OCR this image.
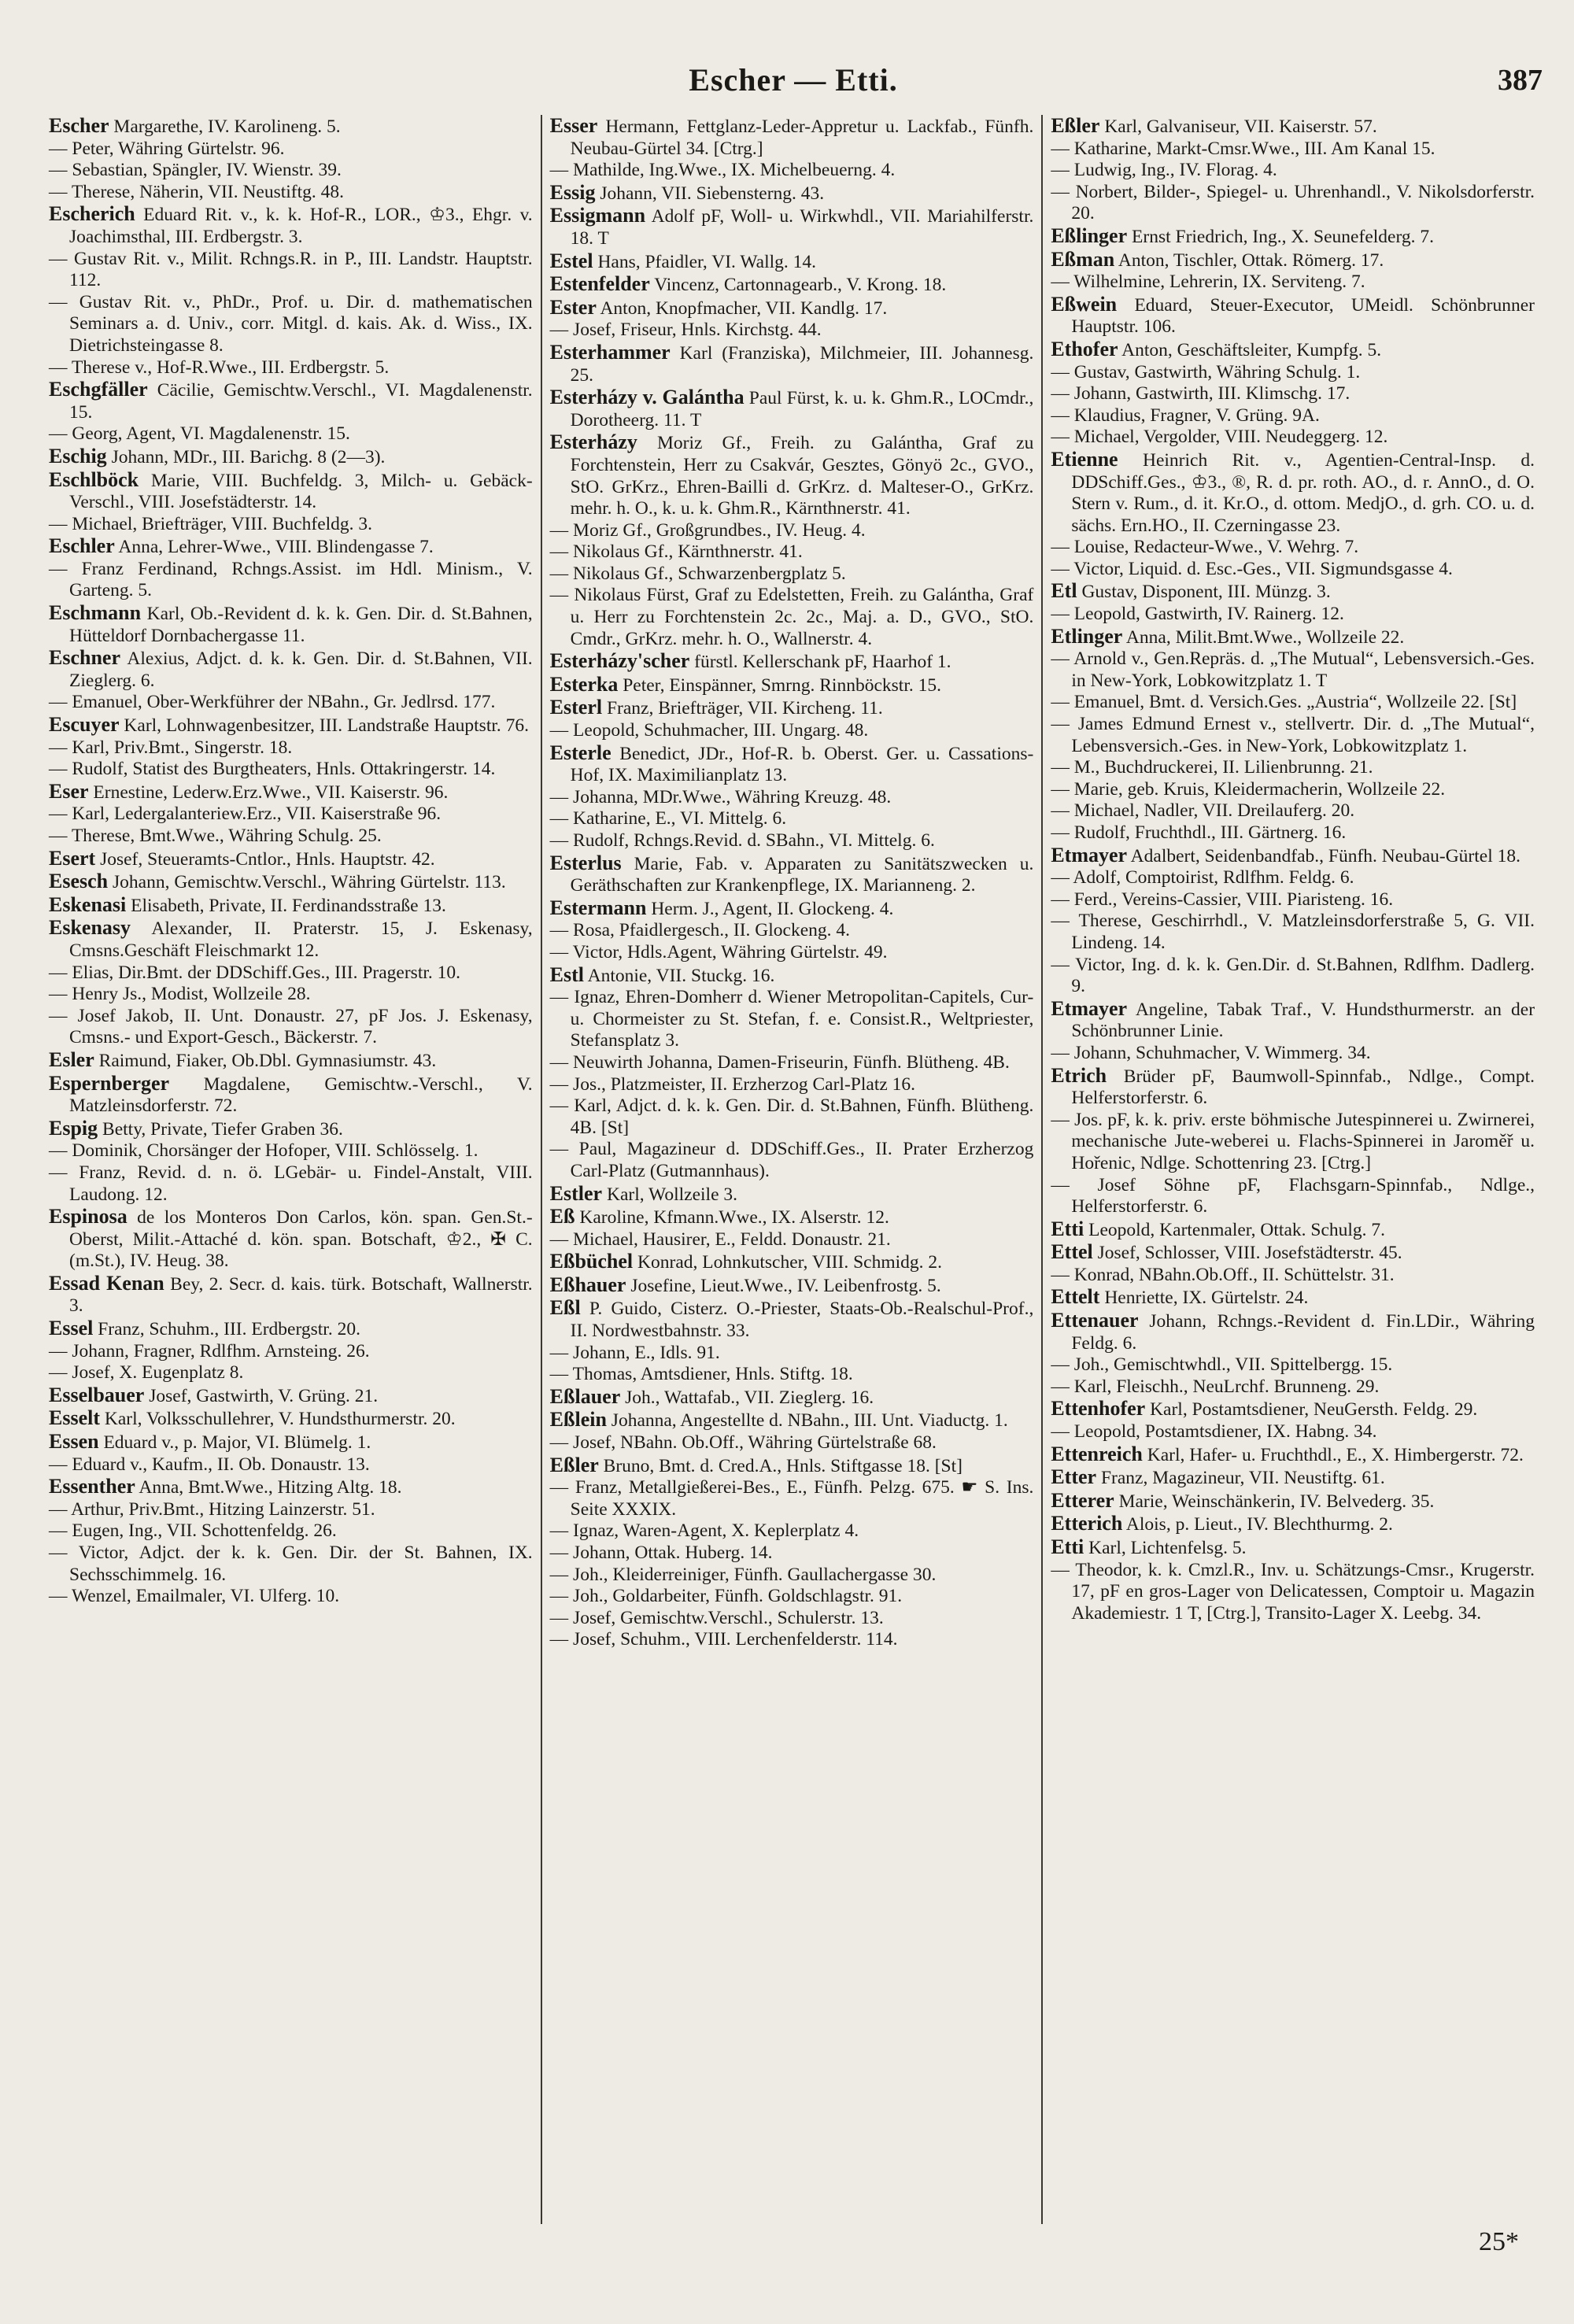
Escher — Etti.	387
Escher Margarethe, IV. Karolineng. 5.
— Peter, Währing Gürtelstr. 96.
— Sebastian, Spängler, IV. Wienstr. 39.
— Therese, Näherin, VII. Neustiftg. 48.
Escherich Eduard Rit. v., k. k. Hof-R., LOR., ♔3., Ehgr. v. Joachimsthal, III. Erdbergstr. 3.
— Gustav Rit. v., Milit. Rchngs.R. in P., III. Landstr. Hauptstr. 112.
— Gustav Rit. v., PhDr., Prof. u. Dir. d. mathematischen Seminars a. d. Univ., corr. Mitgl. d. kais. Ak. d. Wiss., IX. Dietrichsteingasse 8.
— Therese v., Hof-R.Wwe., III. Erdbergstr. 5.
Eschgfäller Cäcilie, Gemischtw.Verschl., VI. Magdalenenstr. 15.
— Georg, Agent, VI. Magdalenenstr. 15.
Eschig Johann, MDr., III. Barichg. 8 (2—3).
Eschlböck Marie, VIII. Buchfeldg. 3, Milch- u. Gebäck-Verschl., VIII. Josefstädterstr. 14.
— Michael, Briefträger, VIII. Buchfeldg. 3.
Eschler Anna, Lehrer-Wwe., VIII. Blindengasse 7.
— Franz Ferdinand, Rchngs.Assist. im Hdl. Minism., V. Garteng. 5.
Eschmann Karl, Ob.-Revident d. k. k. Gen. Dir. d. St.Bahnen, Hütteldorf Dornbachergasse 11.
Eschner Alexius, Adjct. d. k. k. Gen. Dir. d. St.Bahnen, VII. Zieglerg. 6.
— Emanuel, Ober-Werkführer der NBahn., Gr. Jedlrsd. 177.
Escuyer Karl, Lohnwagenbesitzer, III. Landstraße Hauptstr. 76.
— Karl, Priv.Bmt., Singerstr. 18.
— Rudolf, Statist des Burgtheaters, Hnls. Ottakringerstr. 14.
Eser Ernestine, Lederw.Erz.Wwe., VII. Kaiserstr. 96.
— Karl, Ledergalanteriew.Erz., VII. Kaiserstraße 96.
— Therese, Bmt.Wwe., Währing Schulg. 25.
Esert Josef, Steueramts-Cntlor., Hnls. Hauptstr. 42.
Esesch Johann, Gemischtw.Verschl., Währing Gürtelstr. 113.
Eskenasi Elisabeth, Private, II. Ferdinandsstraße 13.
Eskenasy Alexander, II. Praterstr. 15, J. Eskenasy, Cmsns.Geschäft Fleischmarkt 12.
— Elias, Dir.Bmt. der DDSchiff.Ges., III. Pragerstr. 10.
— Henry Js., Modist, Wollzeile 28.
— Josef Jakob, II. Unt. Donaustr. 27, pF Jos. J. Eskenasy, Cmsns.- und Export-Gesch., Bäckerstr. 7.
Esler Raimund, Fiaker, Ob.Dbl. Gymnasiumstr. 43.
Espernberger Magdalene, Gemischtw.-Verschl., V. Matzleinsdorferstr. 72.
Espig Betty, Private, Tiefer Graben 36.
— Dominik, Chorsänger der Hofoper, VIII. Schlösselg. 1.
— Franz, Revid. d. n. ö. LGebär- u. Findel-Anstalt, VIII. Laudong. 12.
Espinosa de los Monteros Don Carlos, kön. span. Gen.St.-Oberst, Milit.-Attaché d. kön. span. Botschaft, ♔2., ✠ C. (m.St.), IV. Heug. 38.
Essad Kenan Bey, 2. Secr. d. kais. türk. Botschaft, Wallnerstr. 3.
Essel Franz, Schuhm., III. Erdbergstr. 20.
— Johann, Fragner, Rdlfhm. Arnsteing. 26.
— Josef, X. Eugenplatz 8.
Esselbauer Josef, Gastwirth, V. Grüng. 21.
Esselt Karl, Volksschullehrer, V. Hundsthurmerstr. 20.
Essen Eduard v., p. Major, VI. Blümelg. 1.
— Eduard v., Kaufm., II. Ob. Donaustr. 13.
Essenther Anna, Bmt.Wwe., Hitzing Altg. 18.
— Arthur, Priv.Bmt., Hitzing Lainzerstr. 51.
— Eugen, Ing., VII. Schottenfeldg. 26.
— Victor, Adjct. der k. k. Gen. Dir. der St. Bahnen, IX. Sechsschimmelg. 16.
— Wenzel, Emailmaler, VI. Ulferg. 10.
Esser Hermann, Fettglanz-Leder-Appretur u. Lackfab., Fünfh. Neubau-Gürtel 34. [Ctrg.]
— Mathilde, Ing.Wwe., IX. Michelbeuerng. 4.
Essig Johann, VII. Siebensterng. 43.
Essigmann Adolf pF, Woll- u. Wirkwhdl., VII. Mariahilferstr. 18. T
Estel Hans, Pfaidler, VI. Wallg. 14.
Estenfelder Vincenz, Cartonnagearb., V. Krong. 18.
Ester Anton, Knopfmacher, VII. Kandlg. 17.
— Josef, Friseur, Hnls. Kirchstg. 44.
Esterhammer Karl (Franziska), Milchmeier, III. Johannesg. 25.
Esterházy v. Galántha Paul Fürst, k. u. k. Ghm.R., LOCmdr., Dorotheerg. 11. T
Esterházy Moriz Gf., Freih. zu Galántha, Graf zu Forchtenstein, Herr zu Csakvár, Gesztes, Gönyö 2c., GVO., StO. GrKrz., Ehren-Bailli d. GrKrz. d. Malteser-O., GrKrz. mehr. h. O., k. u. k. Ghm.R., Kärnthnerstr. 41.
— Moriz Gf., Großgrundbes., IV. Heug. 4.
— Nikolaus Gf., Kärnthnerstr. 41.
— Nikolaus Gf., Schwarzenbergplatz 5.
— Nikolaus Fürst, Graf zu Edelstetten, Freih. zu Galántha, Graf u. Herr zu Forchtenstein 2c. 2c., Maj. a. D., GVO., StO. Cmdr., GrKrz. mehr. h. O., Wallnerstr. 4.
Esterházy'scher fürstl. Kellerschank pF, Haarhof 1.
Esterka Peter, Einspänner, Smrng. Rinnböckstr. 15.
Esterl Franz, Briefträger, VII. Kircheng. 11.
— Leopold, Schuhmacher, III. Ungarg. 48.
Esterle Benedict, JDr., Hof-R. b. Oberst. Ger. u. Cassations-Hof, IX. Maximilianplatz 13.
— Johanna, MDr.Wwe., Währing Kreuzg. 48.
— Katharine, E., VI. Mittelg. 6.
— Rudolf, Rchngs.Revid. d. SBahn., VI. Mittelg. 6.
Esterlus Marie, Fab. v. Apparaten zu Sanitätszwecken u. Geräthschaften zur Krankenpflege, IX. Marianneng. 2.
Estermann Herm. J., Agent, II. Glockeng. 4.
— Rosa, Pfaidlergesch., II. Glockeng. 4.
— Victor, Hdls.Agent, Währing Gürtelstr. 49.
Estl Antonie, VII. Stuckg. 16.
— Ignaz, Ehren-Domherr d. Wiener Metropolitan-Capitels, Cur- u. Chormeister zu St. Stefan, f. e. Consist.R., Weltpriester, Stefansplatz 3.
— Neuwirth Johanna, Damen-Friseurin, Fünfh. Blütheng. 4B.
— Jos., Platzmeister, II. Erzherzog Carl-Platz 16.
— Karl, Adjct. d. k. k. Gen. Dir. d. St.Bahnen, Fünfh. Blütheng. 4B. [St]
— Paul, Magazineur d. DDSchiff.Ges., II. Prater Erzherzog Carl-Platz (Gutmannhaus).
Estler Karl, Wollzeile 3.
Eß Karoline, Kfmann.Wwe., IX. Alserstr. 12.
— Michael, Hausirer, E., Feldd. Donaustr. 21.
Eßbüchel Konrad, Lohnkutscher, VIII. Schmidg. 2.
Eßhauer Josefine, Lieut.Wwe., IV. Leibenfrostg. 5.
Eßl P. Guido, Cisterz. O.-Priester, Staats-Ob.-Realschul-Prof., II. Nordwestbahnstr. 33.
— Johann, E., Idls. 91.
— Thomas, Amtsdiener, Hnls. Stiftg. 18.
Eßlauer Joh., Wattafab., VII. Zieglerg. 16.
Eßlein Johanna, Angestellte d. NBahn., III. Unt. Viaductg. 1.
— Josef, NBahn. Ob.Off., Währing Gürtelstraße 68.
Eßler Bruno, Bmt. d. Cred.A., Hnls. Stiftgasse 18. [St]
— Franz, Metallgießerei-Bes., E., Fünfh. Pelzg. 675. ☛ S. Ins. Seite XXXIX.
— Ignaz, Waren-Agent, X. Keplerplatz 4.
— Johann, Ottak. Huberg. 14.
— Joh., Kleiderreiniger, Fünfh. Gaullachergasse 30.
— Joh., Goldarbeiter, Fünfh. Goldschlagstr. 91.
— Josef, Gemischtw.Verschl., Schulerstr. 13.
— Josef, Schuhm., VIII. Lerchenfelderstr. 114.
Eßler Karl, Galvaniseur, VII. Kaiserstr. 57.
— Katharine, Markt-Cmsr.Wwe., III. Am Kanal 15.
— Ludwig, Ing., IV. Florag. 4.
— Norbert, Bilder-, Spiegel- u. Uhrenhandl., V. Nikolsdorferstr. 20.
Eßlinger Ernst Friedrich, Ing., X. Seunefelderg. 7.
Eßman Anton, Tischler, Ottak. Römerg. 17.
— Wilhelmine, Lehrerin, IX. Serviteng. 7.
Eßwein Eduard, Steuer-Executor, UMeidl. Schönbrunner Hauptstr. 106.
Ethofer Anton, Geschäftsleiter, Kumpfg. 5.
— Gustav, Gastwirth, Währing Schulg. 1.
— Johann, Gastwirth, III. Klimschg. 17.
— Klaudius, Fragner, V. Grüng. 9A.
— Michael, Vergolder, VIII. Neudeggerg. 12.
Etienne Heinrich Rit. v., Agentien-Central-Insp. d. DDSchiff.Ges., ♔3., ®, R. d. pr. roth. AO., d. r. AnnO., d. O. Stern v. Rum., d. it. Kr.O., d. ottom. MedjO., d. grh. CO. u. d. sächs. Ern.HO., II. Czerningasse 23.
— Louise, Redacteur-Wwe., V. Wehrg. 7.
— Victor, Liquid. d. Esc.-Ges., VII. Sigmundsgasse 4.
Etl Gustav, Disponent, III. Münzg. 3.
— Leopold, Gastwirth, IV. Rainerg. 12.
Etlinger Anna, Milit.Bmt.Wwe., Wollzeile 22.
— Arnold v., Gen.Repräs. d. „The Mutual“, Lebensversich.-Ges. in New-York, Lobkowitzplatz 1. T
— Emanuel, Bmt. d. Versich.Ges. „Austria“, Wollzeile 22. [St]
— James Edmund Ernest v., stellvertr. Dir. d. „The Mutual“, Lebensversich.-Ges. in New-York, Lobkowitzplatz 1.
— M., Buchdruckerei, II. Lilienbrunng. 21.
— Marie, geb. Kruis, Kleidermacherin, Wollzeile 22.
— Michael, Nadler, VII. Dreilauferg. 20.
— Rudolf, Fruchthdl., III. Gärtnerg. 16.
Etmayer Adalbert, Seidenbandfab., Fünfh. Neubau-Gürtel 18.
— Adolf, Comptoirist, Rdlfhm. Feldg. 6.
— Ferd., Vereins-Cassier, VIII. Piaristeng. 16.
— Therese, Geschirrhdl., V. Matzleinsdorferstraße 5, G. VII. Lindeng. 14.
— Victor, Ing. d. k. k. Gen.Dir. d. St.Bahnen, Rdlfhm. Dadlerg. 9.
Etmayer Angeline, Tabak Traf., V. Hundsthurmerstr. an der Schönbrunner Linie.
— Johann, Schuhmacher, V. Wimmerg. 34.
Etrich Brüder pF, Baumwoll-Spinnfab., Ndlge., Compt. Helferstorferstr. 6.
— Jos. pF, k. k. priv. erste böhmische Jutespinnerei u. Zwirnerei, mechanische Jute-weberei u. Flachs-Spinnerei in Jaroměř u. Hořenic, Ndlge. Schottenring 23. [Ctrg.]
— Josef Söhne pF, Flachsgarn-Spinnfab., Ndlge., Helferstorferstr. 6.
Etti Leopold, Kartenmaler, Ottak. Schulg. 7.
Ettel Josef, Schlosser, VIII. Josefstädterstr. 45.
— Konrad, NBahn.Ob.Off., II. Schüttelstr. 31.
Ettelt Henriette, IX. Gürtelstr. 24.
Ettenauer Johann, Rchngs.-Revident d. Fin.LDir., Währing Feldg. 6.
— Joh., Gemischtwhdl., VII. Spittelbergg. 15.
— Karl, Fleischh., NeuLrchf. Brunneng. 29.
Ettenhofer Karl, Postamtsdiener, NeuGersth. Feldg. 29.
— Leopold, Postamtsdiener, IX. Habng. 34.
Ettenreich Karl, Hafer- u. Fruchthdl., E., X. Himbergerstr. 72.
Etter Franz, Magazineur, VII. Neustiftg. 61.
Etterer Marie, Weinschänkerin, IV. Belvederg. 35.
Etterich Alois, p. Lieut., IV. Blechthurmg. 2.
Etti Karl, Lichtenfelsg. 5.
— Theodor, k. k. Cmzl.R., Inv. u. Schätzungs-Cmsr., Krugerstr. 17, pF en gros-Lager von Delicatessen, Comptoir u. Magazin Akademiestr. 1 T, [Ctrg.], Transito-Lager X. Leebg. 34.
25*
